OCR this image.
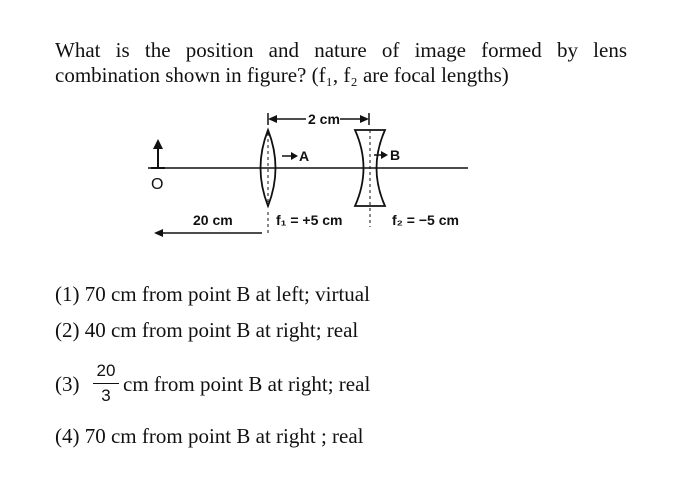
What is the position and nature of image formed by lens combination shown in figure? (f₁, f₂ are focal lengths)
2 cm
O
A	B
20 cm	f₁ = +5 cm	f₂ = −5 cm
(1) 70 cm from point B at left; virtual
(2) 40 cm from point B at right; real
(3)
20
3 cm from point B at right; real
(4) 70 cm from point B at right ; real
